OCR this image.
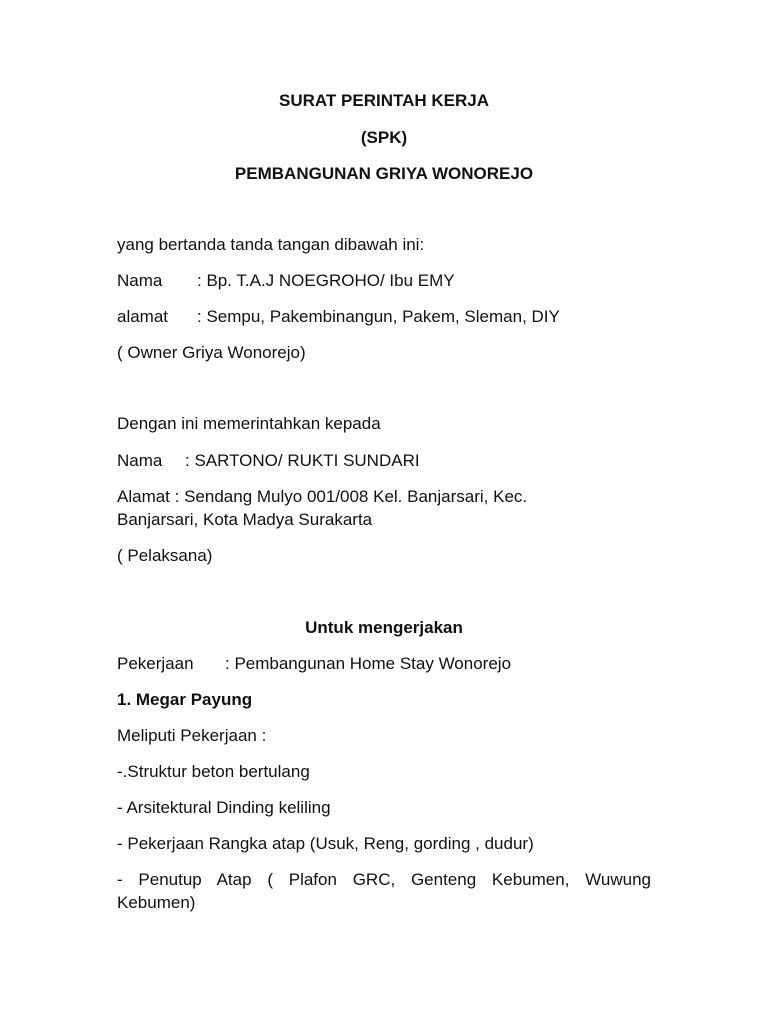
SURAT PERINTAH KERJA
(SPK)
PEMBANGUNAN GRIYA WONOREJO
yang bertanda tanda tangan dibawah ini:
Nama : Bp. T.A.J NOEGROHO/ Ibu EMY
alamat : Sempu, Pakembinangun, Pakem, Sleman, DIY
( Owner Griya Wonorejo)
Dengan ini memerintahkan kepada
Nama : SARTONO/ RUKTI SUNDARI
Alamat : Sendang Mulyo 001/008 Kel. Banjarsari, Kec.
Banjarsari, Kota Madya Surakarta
( Pelaksana)
Untuk mengerjakan
Pekerjaan : Pembangunan Home Stay Wonorejo
1. Megar Payung
Meliputi Pekerjaan :
-.Struktur beton bertulang
- Arsitektural Dinding keliling
- Pekerjaan Rangka atap (Usuk, Reng, gording , dudur)
- Penutup Atap ( Plafon GRC, Genteng Kebumen, Wuwung
Kebumen)
